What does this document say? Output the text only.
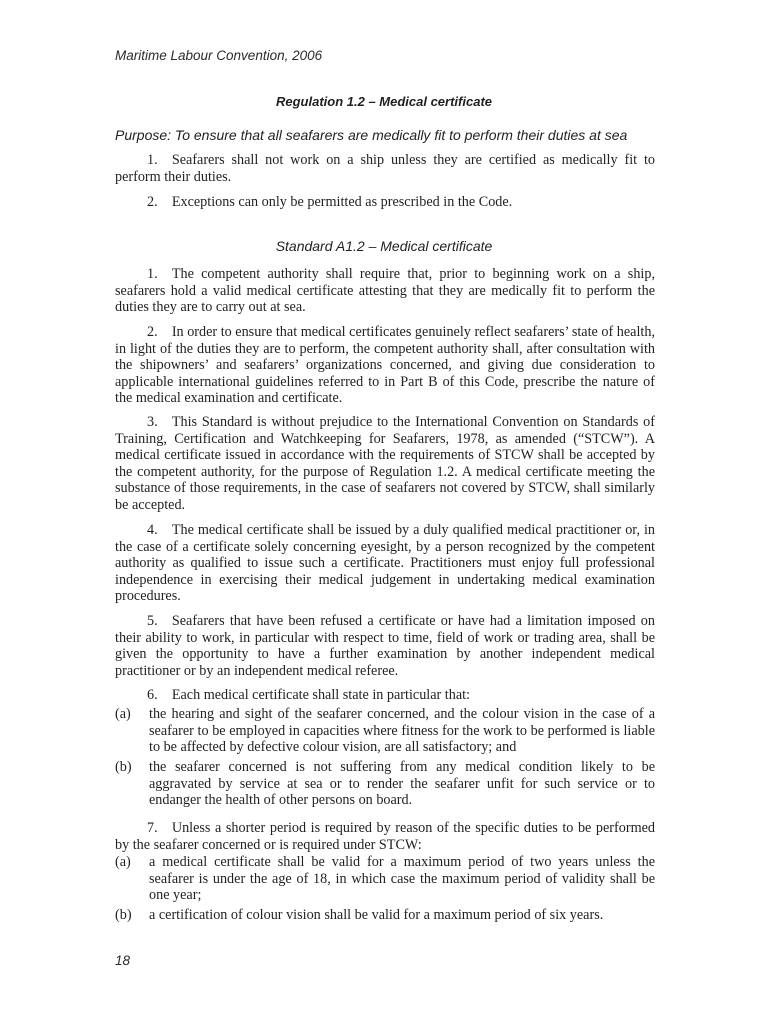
Maritime Labour Convention, 2006
Regulation 1.2 – Medical certificate
Purpose: To ensure that all seafarers are medically fit to perform their duties at sea

1. Seafarers shall not work on a ship unless they are certified as medically fit to perform their duties.

2. Exceptions can only be permitted as prescribed in the Code.

Standard A1.2 – Medical certificate

1. The competent authority shall require that, prior to beginning work on a ship, seafarers hold a valid medical certificate attesting that they are medically fit to perform the duties they are to carry out at sea.

2. In order to ensure that medical certificates genuinely reflect seafarers’ state of health, in light of the duties they are to perform, the competent authority shall, after consultation with the shipowners’ and seafarers’ organizations concerned, and giving due consideration to applicable international guidelines referred to in Part B of this Code, prescribe the nature of the medical examination and certificate.

3. This Standard is without prejudice to the International Convention on Standards of Training, Certification and Watchkeeping for Seafarers, 1978, as amended (“STCW”). A medical certificate issued in accordance with the requirements of STCW shall be accepted by the competent authority, for the purpose of Regulation 1.2. A medical certificate meeting the substance of those requirements, in the case of seafarers not covered by STCW, shall similarly be accepted.

4. The medical certificate shall be issued by a duly qualified medical practitioner or, in the case of a certificate solely concerning eyesight, by a person recognized by the competent authority as qualified to issue such a certificate. Practitioners must enjoy full professional independence in exercising their medical judgement in undertaking medical examination procedures.

5. Seafarers that have been refused a certificate or have had a limitation imposed on their ability to work, in particular with respect to time, field of work or trading area, shall be given the opportunity to have a further examination by another independent medical practitioner or by an independent medical referee.

6. Each medical certificate shall state in particular that:

(a) the hearing and sight of the seafarer concerned, and the colour vision in the case of a seafarer to be employed in capacities where fitness for the work to be performed is liable to be affected by defective colour vision, are all satisfactory; and
(b) the seafarer concerned is not suffering from any medical condition likely to be aggravated by service at sea or to render the seafarer unfit for such service or to endanger the health of other persons on board.

7. Unless a shorter period is required by reason of the specific duties to be performed by the seafarer concerned or is required under STCW:

(a) a medical certificate shall be valid for a maximum period of two years unless the seafarer is under the age of 18, in which case the maximum period of validity shall be one year;
(b) a certification of colour vision shall be valid for a maximum period of six years.
18
